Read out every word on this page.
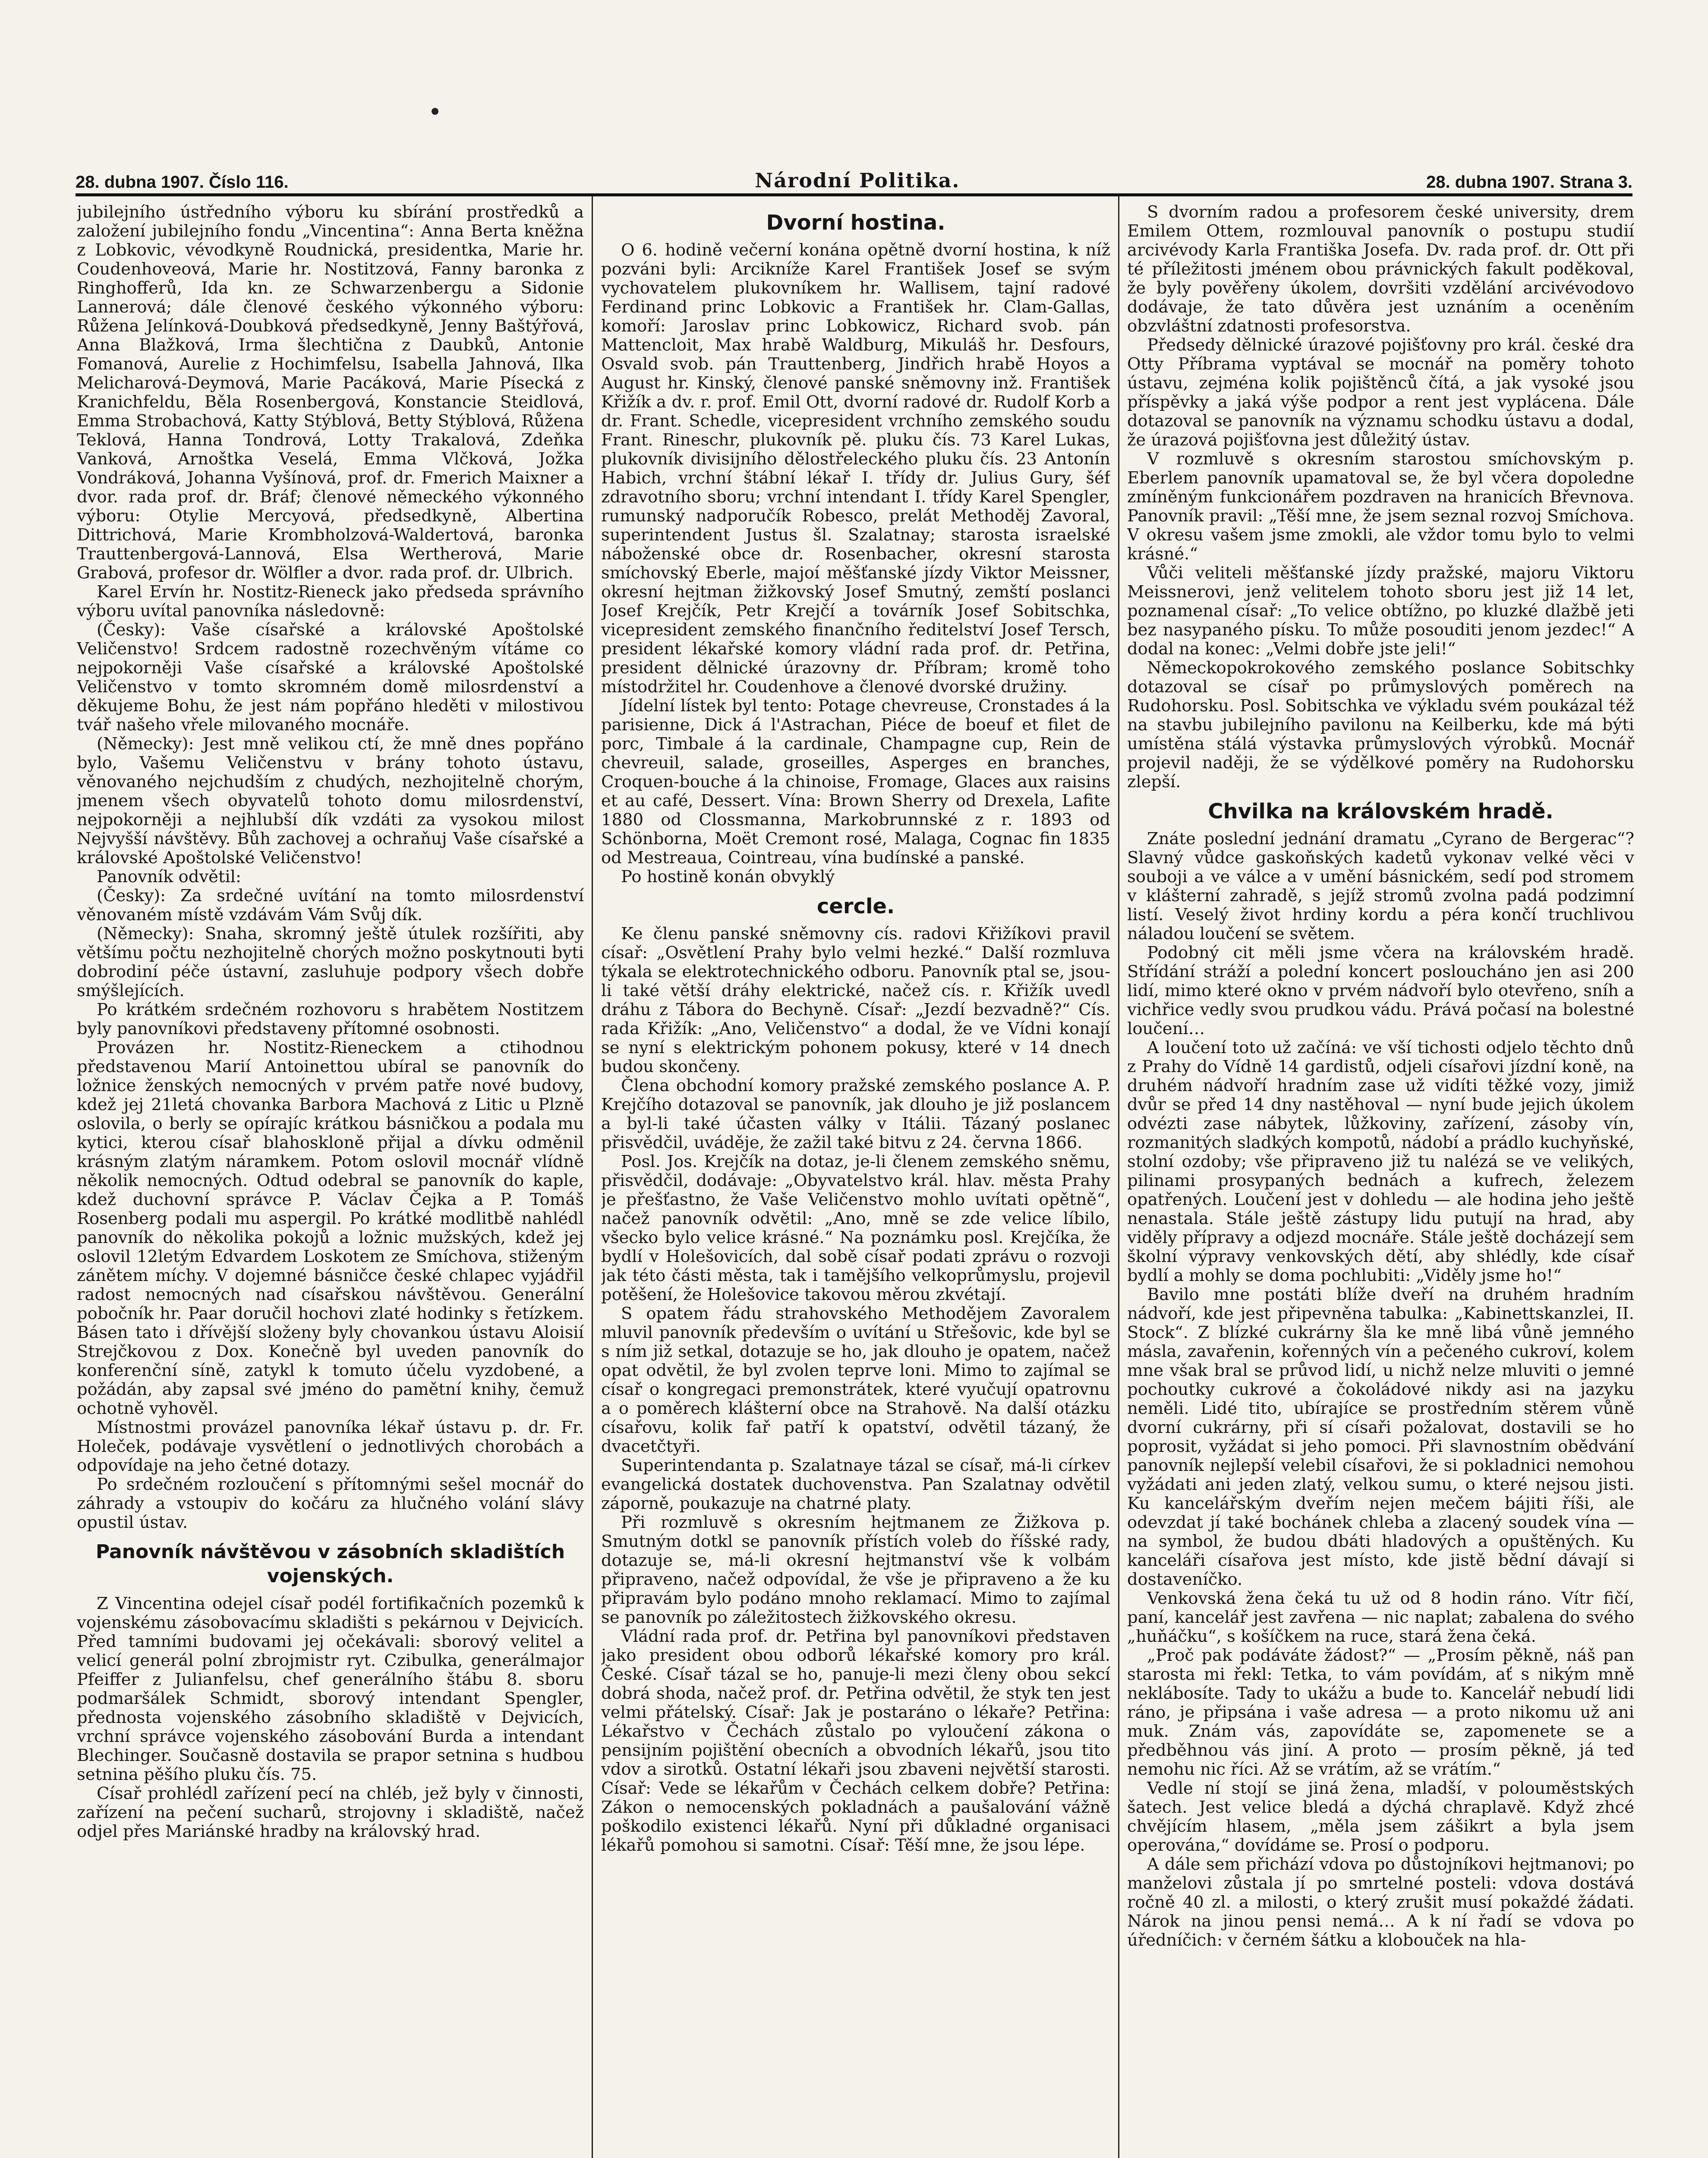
28. dubna 1907. Číslo 116.	Národní Politika.	28. dubna 1907. Strana 3.

jubilejního ústředního výboru ku sbírání prostředků a založení jubilejního fondu „Vincentina“: Anna Berta kněžna z Lobkovic, vévodkyně Roudnická, presidentka, Marie hr. Coudenhoveová, Marie hr. Nostitzová, Fanny baronka z Ringhofferů, Ida kn. ze Schwarzenbergu a Sidonie Lannerová; dále členové českého výkonného výboru: Růžena Jelínková-Doubková předsedkyně, Jenny Baštýřová, Anna Blažková, Irma šlechtična z Daubků, Antonie Fomanová, Aurelie z Hochimfelsu, Isabella Jahnová, Ilka Melicharová-Deymová, Marie Pacáková, Marie Písecká z Kranichfeldu, Běla Rosenbergová, Konstancie Steidlová, Emma Strobachová, Katty Stýblová, Betty Stýblová, Růžena Teklová, Hanna Tondrová, Lotty Trakalová, Zdeňka Vanková, Arnoštka Veselá, Emma Vlčková, Jožka Vondráková, Johanna Vyšínová, prof. dr. Fmerich Maixner a dvor. rada prof. dr. Bráf; členové německého výkonného výboru: Otylie Mercyová, předsedkyně, Albertina Dittrichová, Marie Krombholzová-Waldertová, baronka Trauttenbergová-Lannová, Elsa Wertherová, Marie Grabová, profesor dr. Wölfler a dvor. rada prof. dr. Ulbrich.

Karel Ervín hr. Nostitz-Rieneck jako předseda správního výboru uvítal panovníka následovně:

(Česky): Vaše císařské a královské Apoštolské Veličenstvo! Srdcem radostně rozechvěným vítáme co nejpokorněji Vaše císařské a královské Apoštolské Veličenstvo v tomto skromném domě milosrdenství a děkujeme Bohu, že jest nám popřáno hleděti v milostivou tvář našeho vřele milovaného mocnáře.

(Německy): Jest mně velikou ctí, že mně dnes popřáno bylo, Vašemu Veličenstvu v brány tohoto ústavu, věnovaného nejchudším z chudých, nezhojitelně chorým, jmenem všech obyvatelů tohoto domu milosrdenství, nejpokorněji a nejhlubší dík vzdáti za vysokou milost Nejvyšší návštěvy. Bůh zachovej a ochraňuj Vaše císařské a královské Apoštolské Veličenstvo!

Panovník odvětil:

(Česky): Za srdečné uvítání na tomto milosrdenství věnovaném místě vzdávám Vám Svůj dík.

(Německy): Snaha, skromný ještě útulek rozšířiti, aby většímu počtu nezhojitelně chorých možno poskytnouti byti dobrodiní péče ústavní, zasluhuje podpory všech dobře smýšlejících.

Po krátkém srdečném rozhovoru s hrabětem Nostitzem byly panovníkovi představeny přítomné osobnosti.

Provázen hr. Nostitz-Rieneckem a ctihodnou představenou Marií Antoinettou ubíral se panovník do ložnice ženských nemocných v prvém patře nové budovy, kdež jej 21letá chovanka Barbora Machová z Litic u Plzně oslovila, o berly se opírajíc krátkou básničkou a podala mu kytici, kterou císař blahoskloně přijal a dívku odměnil krásným zlatým náramkem. Potom oslovil mocnář vlídně několik nemocných. Odtud odebral se panovník do kaple, kdež duchovní správce P. Václav Čejka a P. Tomáš Rosenberg podali mu aspergil. Po krátké modlitbě nahlédl panovník do několika pokojů a ložnic mužských, kdež jej oslovil 12letým Edvardem Loskotem ze Smíchova, stiženým zánětem míchy. V dojemné básničce české chlapec vyjádřil radost nemocných nad císařskou návštěvou. Generální pobočník hr. Paar doručil hochovi zlaté hodinky s řetízkem. Básen tato i dřívější složeny byly chovankou ústavu Aloisií Strejčkovou z Dox. Konečně byl uveden panovník do konferenční síně, zatykl k tomuto účelu vyzdobené, a požádán, aby zapsal své jméno do pamětní knihy, čemuž ochotně vyhověl.

Místnostmi provázel panovníka lékař ústavu p. dr. Fr. Holeček, podávaje vysvětlení o jednotlivých chorobách a odpovídaje na jeho četné dotazy.

Po srdečném rozloučení s přítomnými sešel mocnář do záhrady a vstoupiv do kočáru za hlučného volání slávy opustil ústav.

Panovník návštěvou v zásobních skladištích vojenských.

Z Vincentina odejel císař podél fortifikačních pozemků k vojenskému zásobovacímu skladišti s pekárnou v Dejvicích. Před tamními budovami jej očekávali: sborový velitel a velicí generál polní zbrojmistr ryt. Czibulka, generálmajor Pfeiffer z Julianfelsu, chef generálního štábu 8. sboru podmaršálek Schmidt, sborový intendant Spengler, přednosta vojenského zásobního skladiště v Dejvicích, vrchní správce vojenského zásobování Burda a intendant Blechinger. Současně dostavila se prapor setnina s hudbou setnina pěšího pluku čís. 75.

Císař prohlédl zařízení pecí na chléb, jež byly v činnosti, zařízení na pečení sucharů, strojovny i skladiště, načež odjel přes Mariánské hradby na královský hrad.

Dvorní hostina.

O 6. hodině večerní konána opětně dvorní hostina, k níž pozváni byli: Arcikníže Karel František Josef se svým vychovatelem plukovníkem hr. Wallisem, tajní radové Ferdinand princ Lobkovic a František hr. Clam-Gallas, komoří: Jaroslav princ Lobkowicz, Richard svob. pán Mattencloit, Max hrabě Waldburg, Mikuláš hr. Desfours, Osvald svob. pán Trauttenberg, Jindřich hrabě Hoyos a August hr. Kinský, členové panské sněmovny inž. František Křižík a dv. r. prof. Emil Ott, dvorní radové dr. Rudolf Korb a dr. Frant. Schedle, vicepresident vrchního zemského soudu Frant. Rineschr, plukovník pě. pluku čís. 73 Karel Lukas, plukovník divisijního dělostřeleckého pluku čís. 23 Antonín Habich, vrchní štábní lékař I. třídy dr. Julius Gury, šéf zdravotního sboru; vrchní intendant I. třídy Karel Spengler, rumunský nadporučík Robesco, prelát Methoděj Zavoral, superintendent Justus šl. Szalatnay; starosta israelské náboženské obce dr. Rosenbacher, okresní starosta smíchovský Eberle, majoí měšťanské jízdy Viktor Meissner, okresní hejtman žižkovský Josef Smutný, zemští poslanci Josef Krejčík, Petr Krejčí a továrník Josef Sobitschka, vicepresident zemského finančního ředitelství Josef Tersch, president lékařské komory vládní rada prof. dr. Petřina, president dělnické úrazovny dr. Příbram; kromě toho místodržitel hr. Coudenhove a členové dvorské družiny.

Jídelní lístek byl tento: Potage chevreuse, Cronstades á la parisienne, Dick á l'Astrachan, Piéce de boeuf et filet de porc, Timbale á la cardinale, Champagne cup, Rein de chevreuil, salade, groseilles, Asperges en branches, Croquen-bouche á la chinoise, Fromage, Glaces aux raisins et au café, Dessert. Vína: Brown Sherry od Drexela, Lafite 1880 od Clossmanna, Markobrunnské z r. 1893 od Schönborna, Moët Cremont rosé, Malaga, Cognac fin 1835 od Mestreaua, Cointreau, vína budínské a panské.

Po hostině konán obvyklý

cercle.

Ke členu panské sněmovny cís. radovi Křižíkovi pravil císař: „Osvětlení Prahy bylo velmi hezké.“ Další rozmluva týkala se elektrotechnického odboru. Panovník ptal se, jsou-li také větší dráhy elektrické, načež cís. r. Křižík uvedl dráhu z Tábora do Bechyně. Císař: „Jezdí bezvadně?“ Cís. rada Křižík: „Ano, Veličenstvo“ a dodal, že ve Vídni konají se nyní s elektrickým pohonem pokusy, které v 14 dnech budou skončeny.

Člena obchodní komory pražské zemského poslance A. P. Krejčího dotazoval se panovník, jak dlouho je již poslancem a byl-li také účasten války v Itálii. Tázaný poslanec přisvědčil, uváděje, že zažil také bitvu z 24. června 1866.

Posl. Jos. Krejčík na dotaz, je-li členem zemského sněmu, přisvědčil, dodávaje: „Obyvatelstvo král. hlav. města Prahy je přešťastno, že Vaše Veličenstvo mohlo uvítati opětně“, načež panovník odvětil: „Ano, mně se zde velice líbilo, všecko bylo velice krásné.“ Na poznámku posl. Krejčíka, že bydlí v Holešovicích, dal sobě císař podati zprávu o rozvoji jak této části města, tak i tamějšího velkoprůmyslu, projevil potěšení, že Holešovice takovou měrou zkvétají.

S opatem řádu strahovského Methodějem Zavoralem mluvil panovník především o uvítání u Střešovic, kde byl se s ním již setkal, dotazuje se ho, jak dlouho je opatem, načež opat odvětil, že byl zvolen teprve loni. Mimo to zajímal se císař o kongregaci premonstrátek, které vyučují opatrovnu a o poměrech klášterní obce na Strahově. Na další otázku císařovu, kolik fař patří k opatství, odvětil tázaný, že dvacetčtyři.

Superintendanta p. Szalatnaye tázal se císař, má-li církev evangelická dostatek duchovenstva. Pan Szalatnay odvětil záporně, poukazuje na chatrné platy.

Při rozmluvě s okresním hejtmanem ze Žižkova p. Smutným dotkl se panovník přístích voleb do říšské rady, dotazuje se, má-li okresní hejtmanství vše k volbám připraveno, načež odpovídal, že vše je připraveno a že ku připravám bylo podáno mnoho reklamací. Mimo to zajímal se panovník po záležitostech žižkovského okresu.

Vládní rada prof. dr. Petřina byl panovníkovi představen jako president obou odborů lékařské komory pro král. České. Císař tázal se ho, panuje-li mezi členy obou sekcí dobrá shoda, načež prof. dr. Petřina odvětil, že styk ten jest velmi přátelský. Císař: Jak je postaráno o lékaře? Petřina: Lékařstvo v Čechách zůstalo po vyloučení zákona o pensijním pojištění obecních a obvodních lékařů, jsou tito vdov a sirotků. Ostatní lékaři jsou zbaveni největší starosti. Císař: Vede se lékařům v Čechách celkem dobře? Petřina: Zákon o nemocenských pokladnách a paušalování vážně poškodilo existenci lékařů. Nyní při důkladné organisaci lékařů pomohou si samotni. Císař: Těší mne, že jsou lépe.

S dvorním radou a profesorem české university, drem Emilem Ottem, rozmlouval panovník o postupu studií arcivévody Karla Františka Josefa. Dv. rada prof. dr. Ott při té příležitosti jménem obou právnických fakult poděkoval, že byly pověřeny úkolem, dovršiti vzdělání arcivévodovo dodávaje, že tato důvěra jest uznáním a oceněním obzvláštní zdatnosti profesorstva.

Předsedy dělnické úrazové pojišťovny pro král. české dra Otty Příbrama vyptával se mocnář na poměry tohoto ústavu, zejména kolik pojištěnců čítá, a jak vysoké jsou příspěvky a jaká výše podpor a rent jest vyplácena. Dále dotazoval se panovník na významu schodku ústavu a dodal, že úrazová pojišťovna jest důležitý ústav.

V rozmluvě s okresním starostou smíchovským p. Eberlem panovník upamatoval se, že byl včera dopoledne zmíněným funkcionářem pozdraven na hranicích Břevnova. Panovník pravil: „Těší mne, že jsem seznal rozvoj Smíchova. V okresu vašem jsme zmokli, ale vždor tomu bylo to velmi krásné.“

Vůči veliteli měšťanské jízdy pražské, majoru Viktoru Meissnerovi, jenž velitelem tohoto sboru jest již 14 let, poznamenal císař: „To velice obtížno, po kluzké dlažbě jeti bez nasypaného písku. To může posouditi jenom jezdec!“ A dodal na konec: „Velmi dobře jste jeli!“

Německopokrokového zemského poslance Sobitschky dotazoval se císař po průmyslových poměrech na Rudohorsku. Posl. Sobitschka ve výkladu svém poukázal též na stavbu jubilejního pavilonu na Keilberku, kde má býti umístěna stálá výstavka průmyslových výrobků. Mocnář projevil naději, že se výdělkové poměry na Rudohorsku zlepší.

Chvilka na královském hradě.

Znáte poslední jednání dramatu „Cyrano de Bergerac“? Slavný vůdce gaskoňských kadetů vykonav velké věci v souboji a ve válce a v umění básnickém, sedí pod stromem v klášterní zahradě, s jejíž stromů zvolna padá podzimní listí. Veselý život hrdiny kordu a péra končí truchlivou náladou loučení se světem.

Podobný cit měli jsme včera na královském hradě. Střídání stráží a polední koncert posloucháno jen asi 200 lidí, mimo které okno v prvém nádvoří bylo otevřeno, sníh a vichřice vedly svou prudkou vádu. Prává počasí na bolestné loučení…

A loučení toto už začíná: ve vší tichosti odjelo těchto dnů z Prahy do Vídně 14 gardistů, odjeli císařovi jízdní koně, na druhém nádvoří hradním zase už vidíti těžké vozy, jimiž dvůr se před 14 dny nastěhoval — nyní bude jejich úkolem odvézti zase nábytek, lůžkoviny, zařízení, zásoby vín, rozmanitých sladkých kompotů, nádobí a prádlo kuchyňské, stolní ozdoby; vše připraveno již tu nalézá se ve velikých, pilinami prosypaných bednách a kufrech, železem opatřených. Loučení jest v dohledu — ale hodina jeho ještě nenastala. Stále ještě zástupy lidu putují na hrad, aby viděly přípravy a odjezd mocnáře. Stále ještě docházejí sem školní výpravy venkovských dětí, aby shlédly, kde císař bydlí a mohly se doma pochlubiti: „Viděly jsme ho!“

Bavilo mne postáti blíže dveří na druhém hradním nádvoří, kde jest připevněna tabulka: „Kabinettskanzlei, II. Stock“. Z blízké cukrárny šla ke mně libá vůně jemného másla, zavařenin, kořenných vín a pečeného cukroví, kolem mne však bral se průvod lidí, u nichž nelze mluviti o jemné pochoutky cukrové a čokoládové nikdy asi na jazyku neměli. Lidé tito, ubírajíce se prostředním stěrem vůně dvorní cukrárny, při sí císaři požalovat, dostavili se ho poprosit, vyžádat si jeho pomoci. Při slavnostním obědvání panovník nejlepší velebil císařovi, že si pokladnici nemohou vyžádati ani jeden zlatý, velkou sumu, o které nejsou jisti. Ku kancelářským dveřím nejen mečem bájiti říši, ale odevzdat jí také bochánek chleba a zlacený soudek vína — na symbol, že budou dbáti hladových a opuštěných. Ku kanceláři císařova jest místo, kde jistě bědní dávají si dostaveníčko.

Venkovská žena čeká tu už od 8 hodin ráno. Vítr fičí, paní, kancelář jest zavřena — nic naplat; zabalena do svého „huňáčku“, s košíčkem na ruce, stará žena čeká.

„Proč pak podáváte žádost?“ — „Prosím pěkně, náš pan starosta mi řekl: Tetka, to vám povídám, ať s nikým mně neklábosíte. Tady to ukážu a bude to. Kancelář nebudí lidi ráno, je připsána i vaše adresa — a proto nikomu už ani muk. Znám vás, zapovídáte se, zapomenete se a předběhnou vás jiní. A proto — prosím pěkně, já teď nemohu nic říci. Až se vrátím, až se vrátím.“

Vedle ní stojí se jiná žena, mladší, v polouměstských šatech. Jest velice bledá a dýchá chraplavě. Když zhcé chvějícím hlasem, „měla jsem zášikrt a byla jsem operována,“ dovídáme se. Prosí o podporu.

A dále sem přichází vdova po důstojníkovi hejtmanovi; po manželovi zůstala jí po smrtelné posteli: vdova dostává ročně 40 zl. a milosti, o který zrušit musí pokaždé žádati. Nárok na jinou pensi nemá… A k ní řadí se vdova po úředníčich: v černém šátku a klobouček na hla-
